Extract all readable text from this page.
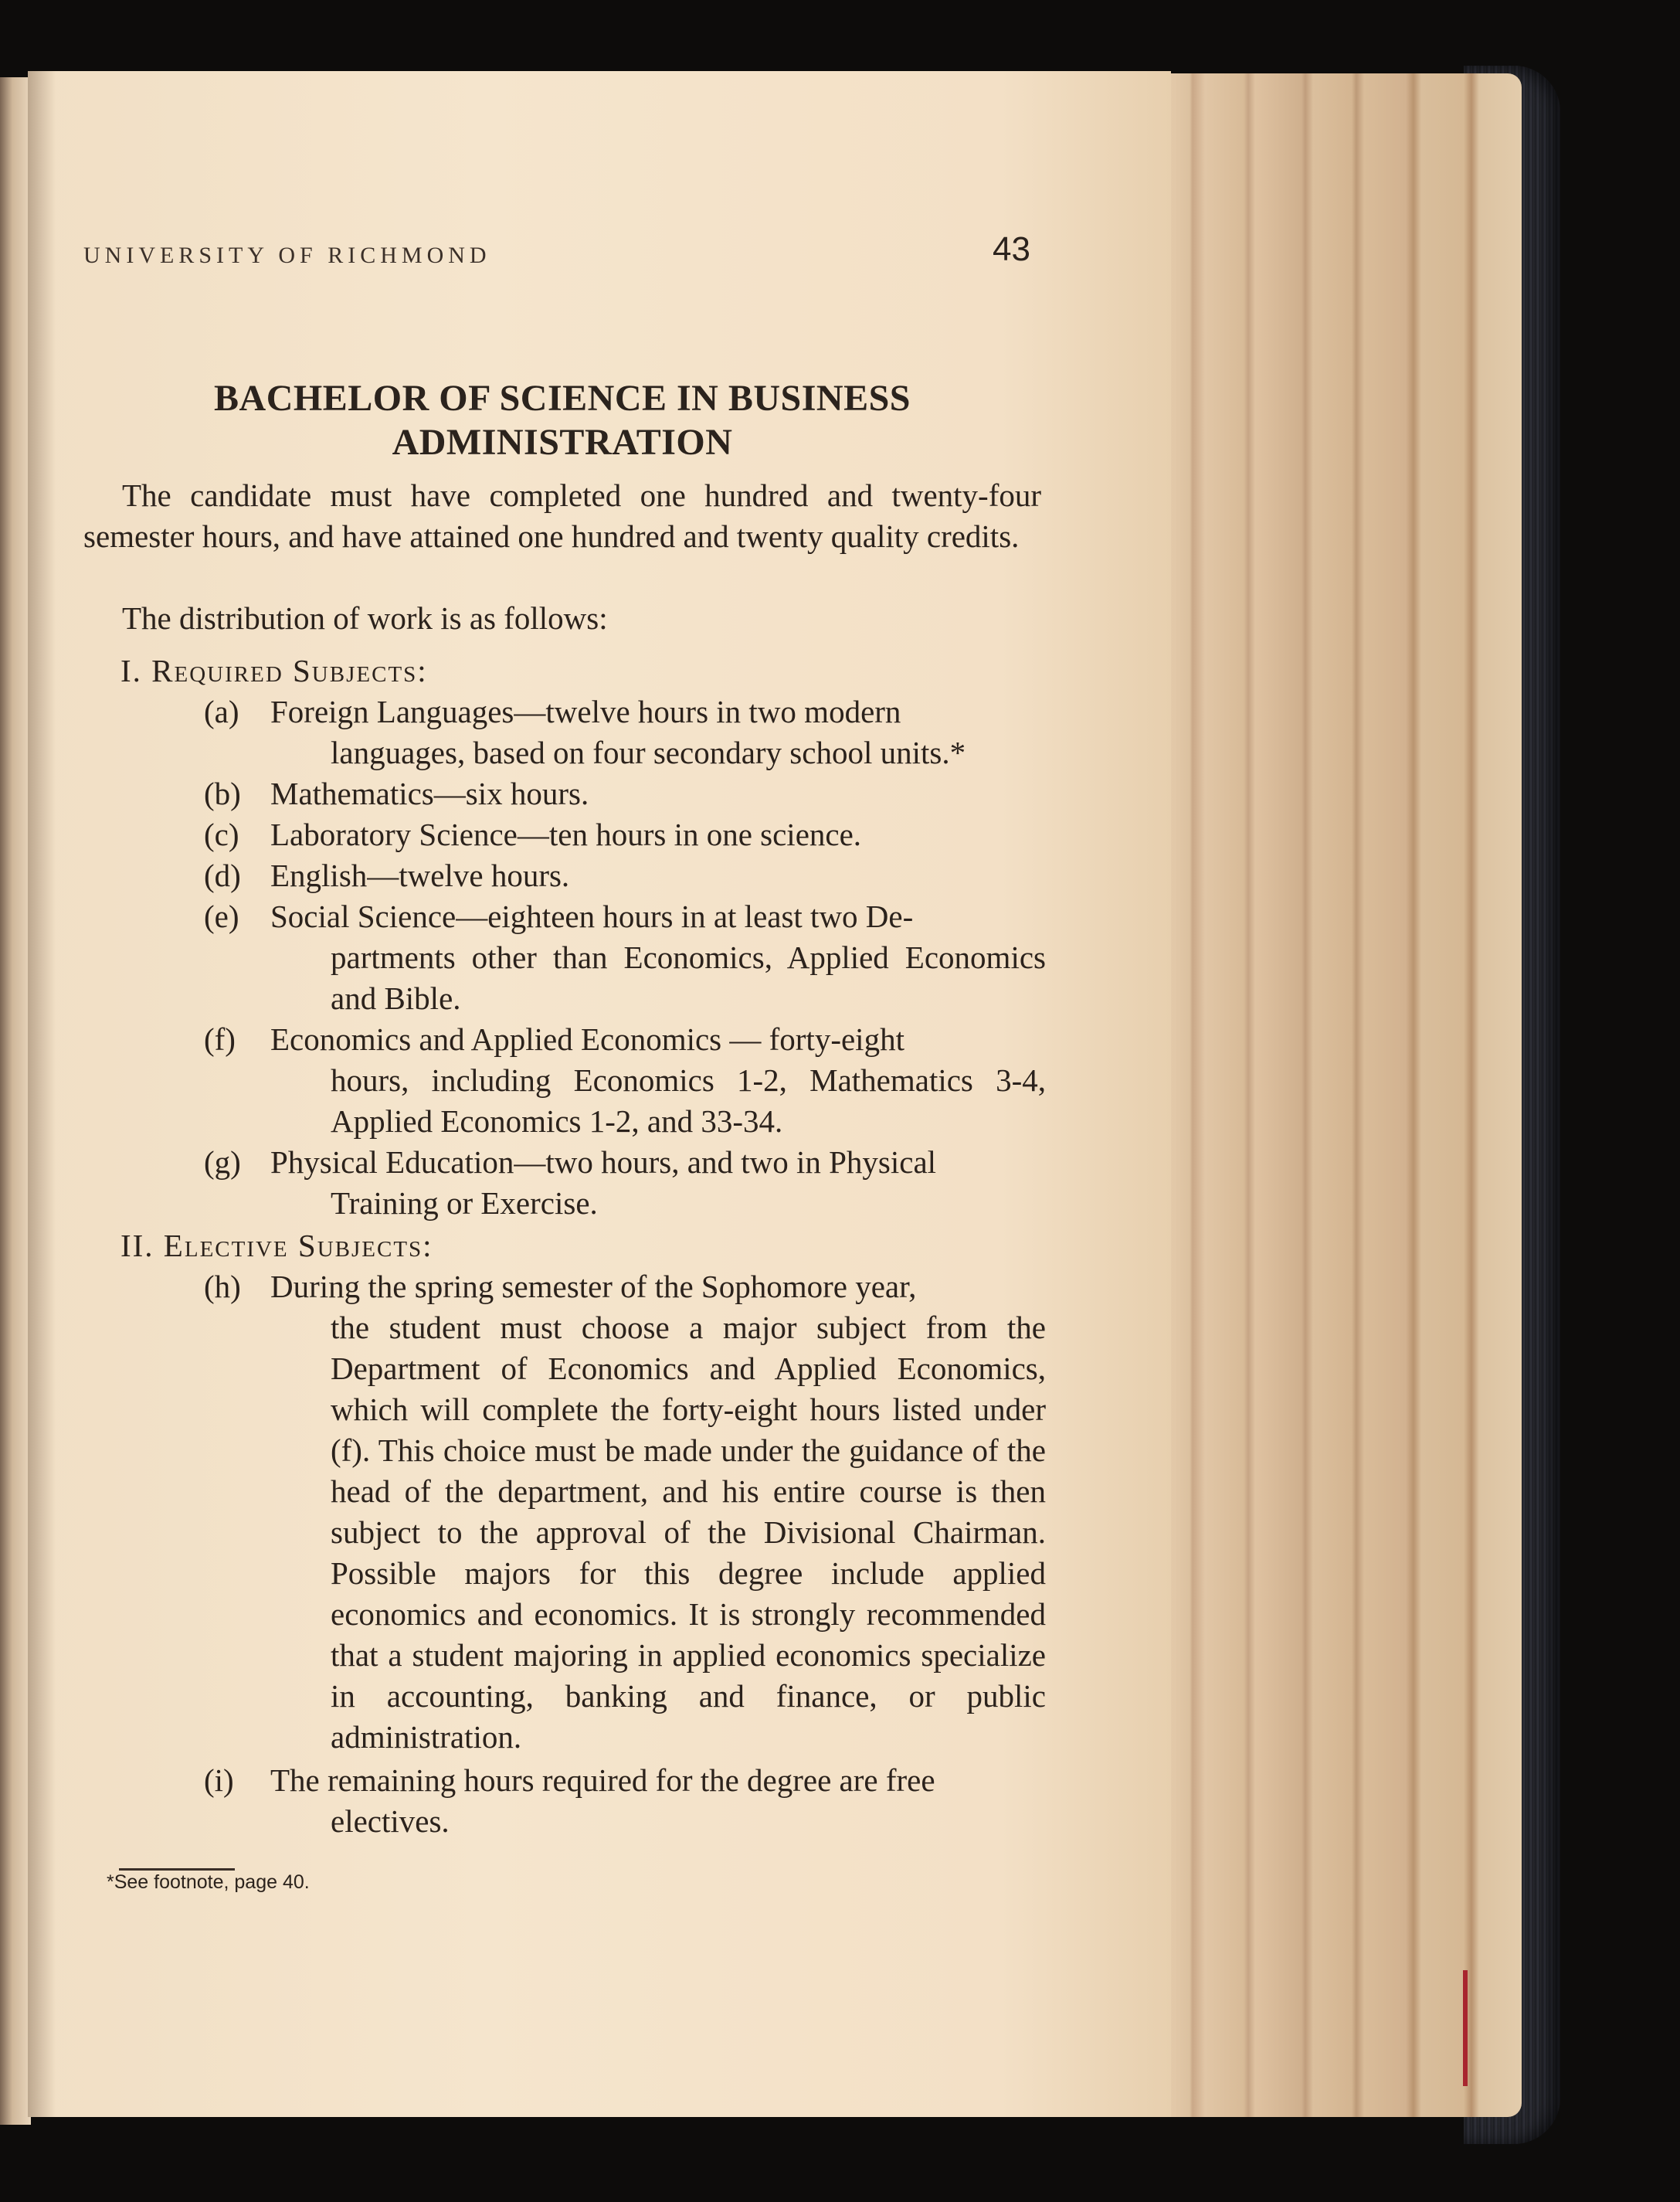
UNIVERSITY OF RICHMOND	43
BACHELOR OF SCIENCE IN BUSINESS
ADMINISTRATION
The candidate must have completed one hundred and twenty-four semester hours, and have attained one hundred and twenty quality credits.
The distribution of work is as follows:
I. Required Subjects:
(a) Foreign Languages—twelve hours in two modern
languages, based on four secondary school units.*
(b) Mathematics—six hours.
(c) Laboratory Science—ten hours in one science.
(d) English—twelve hours.
(e) Social Science—eighteen hours in at least two De-
partments other than Economics, Applied Economics and Bible.
(f) Economics and Applied Economics — forty-eight
hours, including Economics 1-2, Mathematics 3-4, Applied Economics 1-2, and 33-34.
(g) Physical Education—two hours, and two in Physical
Training or Exercise.
II. Elective Subjects:
(h) During the spring semester of the Sophomore year,
the student must choose a major subject from the Department of Economics and Applied Economics, which will complete the forty-eight hours listed under (f). This choice must be made under the guidance of the head of the department, and his entire course is then subject to the approval of the Divisional Chairman. Possible majors for this degree include applied economics and economics. It is strongly recommended that a student majoring in applied economics specialize in accounting, banking and finance, or public administration.
(i) The remaining hours required for the degree are free
electives.
*See footnote, page 40.
